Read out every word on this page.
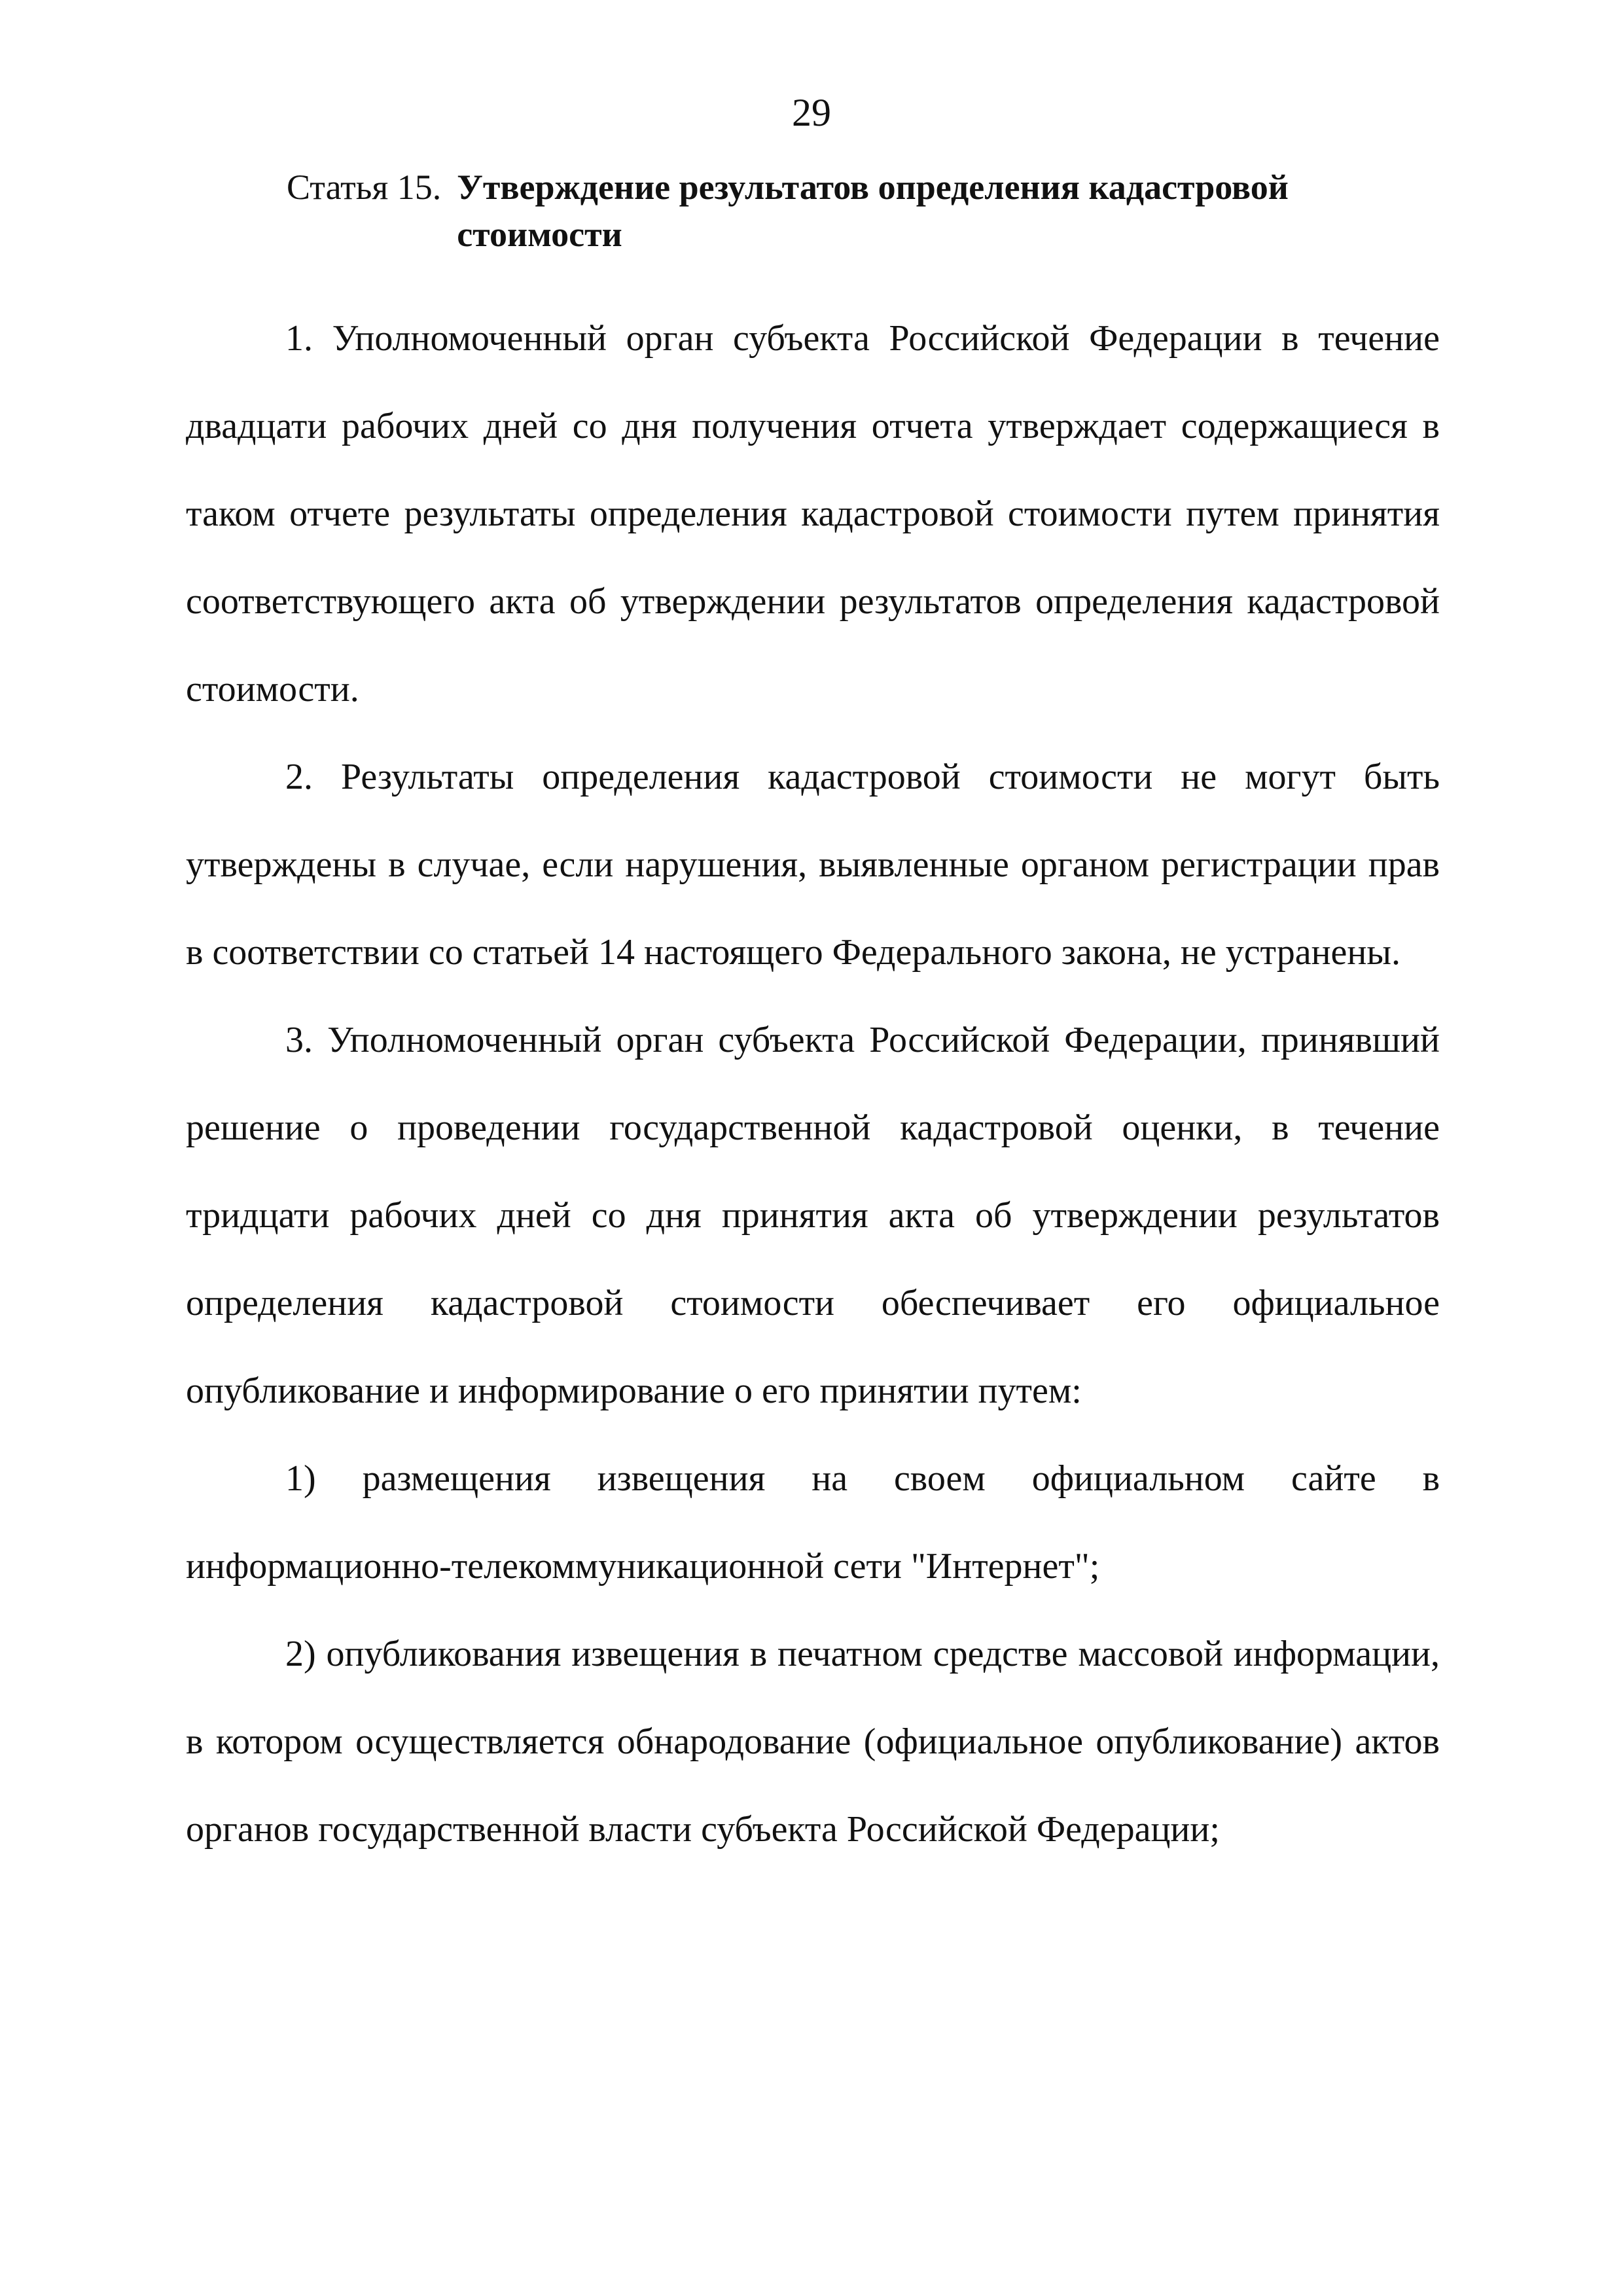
29
Статья 15. Утверждение результатов определения кадастровой стоимости

1. Уполномоченный орган субъекта Российской Федерации в течение двадцати рабочих дней со дня получения отчета утверждает содержащиеся в таком отчете результаты определения кадастровой стоимости путем принятия соответствующего акта об утверждении результатов определения кадастровой стоимости.

2. Результаты определения кадастровой стоимости не могут быть утверждены в случае, если нарушения, выявленные органом регистрации прав в соответствии со статьей 14 настоящего Федерального закона, не устранены.

3. Уполномоченный орган субъекта Российской Федерации, принявший решение о проведении государственной кадастровой оценки, в течение тридцати рабочих дней со дня принятия акта об утверждении результатов определения кадастровой стоимости обеспечивает его официальное опубликование и информирование о его принятии путем:

1) размещения извещения на своем официальном сайте в информационно-телекоммуникационной сети "Интернет";

2) опубликования извещения в печатном средстве массовой информации, в котором осуществляется обнародование (официальное опубликование) актов органов государственной власти субъекта Российской Федерации;
